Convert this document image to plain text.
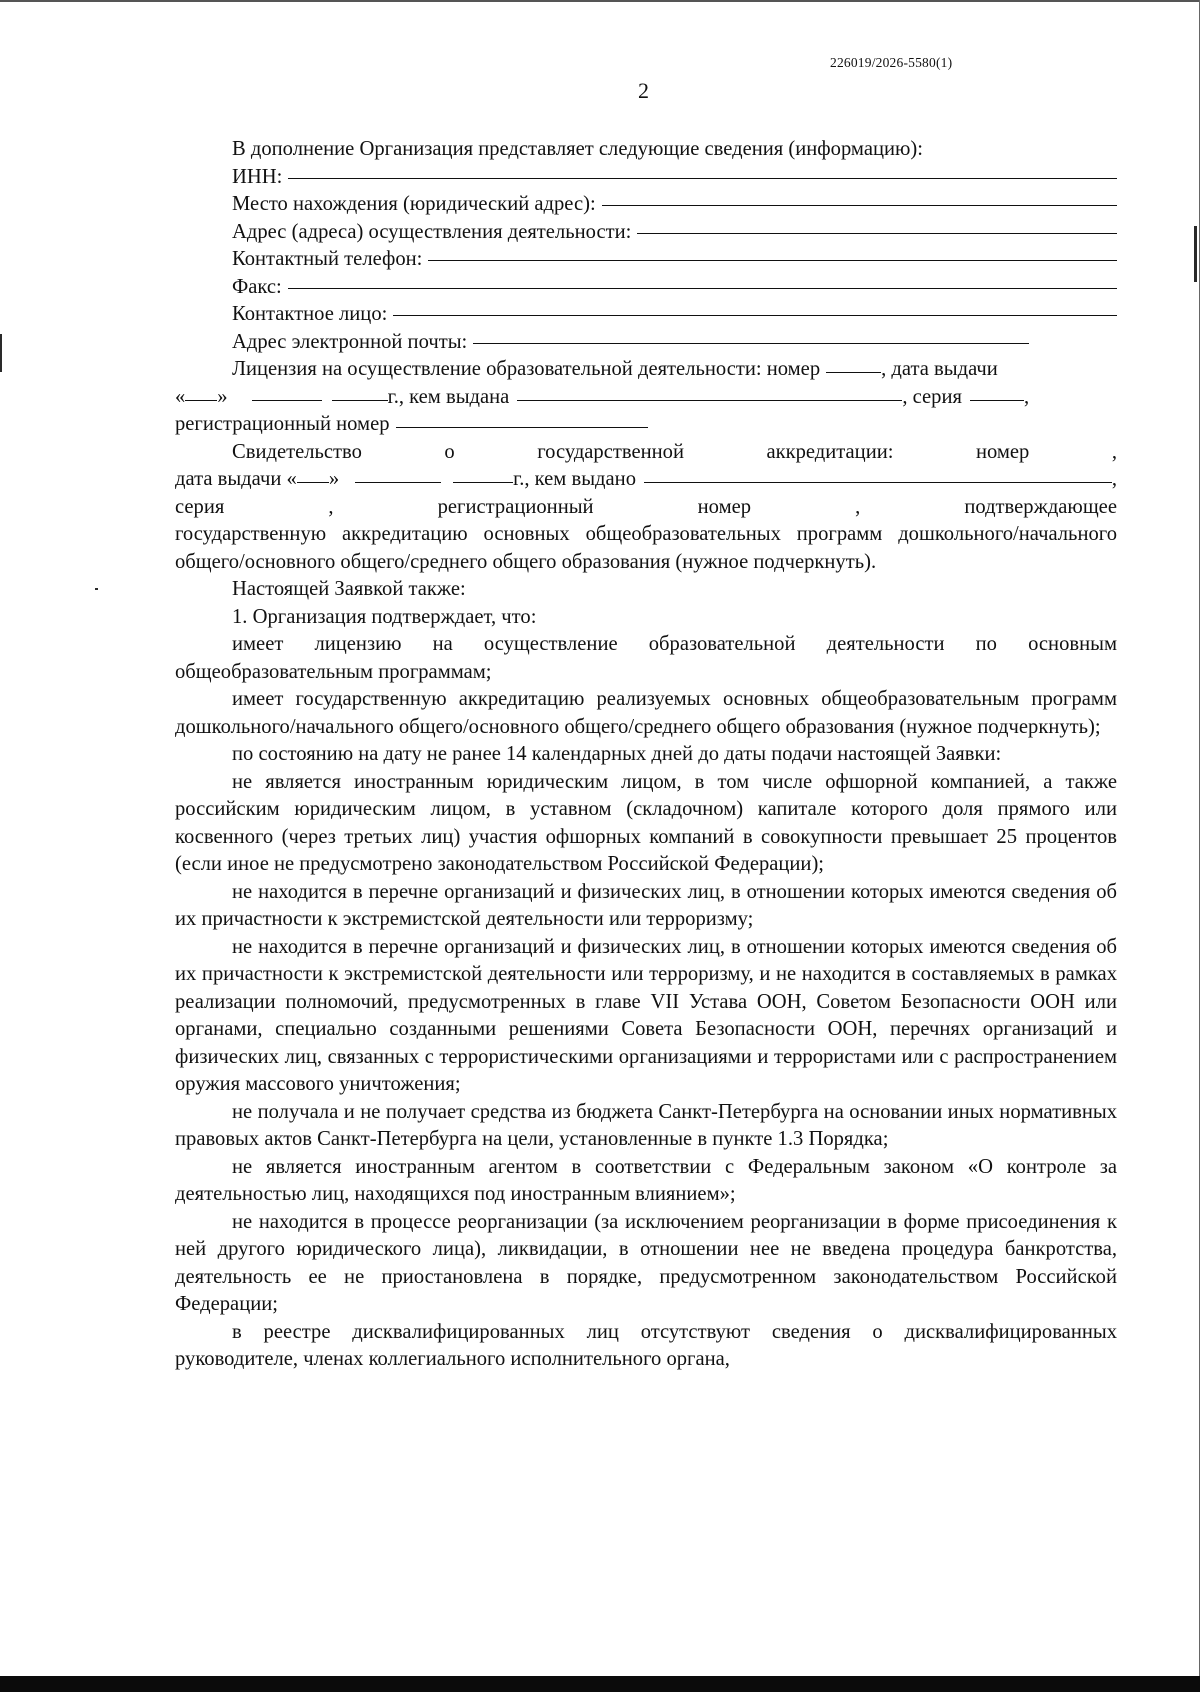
226019/2026-5580(1)
2

В дополнение Организация представляет следующие сведения (информацию):

ИНН:
Место нахождения (юридический адрес):
Адрес (адреса) осуществления деятельности:
Контактный телефон:
Факс:
Контактное лицо:
Адрес электронной почты:
Лицензия на осуществление образовательной деятельности: номер	, дата выдачи
« »	г., кем выдана	, серия	,
регистрационный номер
Свидетельство	о	государственной	аккредитации:	номер	,
дата выдачи « »	г., кем выдано	,
серия	,	регистрационный	номер	,	подтверждающее

государственную аккредитацию основных общеобразовательных программ дошкольного/начального общего/основного общего/среднего общего образования (нужное подчеркнуть).

Настоящей Заявкой также:

1. Организация подтверждает, что:

имеет лицензию на осуществление образовательной деятельности по основным общеобразовательным программам;

имеет государственную аккредитацию реализуемых основных общеобразовательным программ дошкольного/начального общего/основного общего/среднего общего образования (нужное подчеркнуть);

по состоянию на дату не ранее 14 календарных дней до даты подачи настоящей Заявки:

не является иностранным юридическим лицом, в том числе офшорной компанией, а также российским юридическим лицом, в уставном (складочном) капитале которого доля прямого или косвенного (через третьих лиц) участия офшорных компаний в совокупности превышает 25 процентов (если иное не предусмотрено законодательством Российской Федерации);

не находится в перечне организаций и физических лиц, в отношении которых имеются сведения об их причастности к экстремистской деятельности или терроризму;

не находится в перечне организаций и физических лиц, в отношении которых имеются сведения об их причастности к экстремистской деятельности или терроризму, и не находится в составляемых в рамках реализации полномочий, предусмотренных в главе VII Устава ООН, Советом Безопасности ООН или органами, специально созданными решениями Совета Безопасности ООН, перечнях организаций и физических лиц, связанных с террористическими организациями и террористами или с распространением оружия массового уничтожения;

не получала и не получает средства из бюджета Санкт-Петербурга на основании иных нормативных правовых актов Санкт-Петербурга на цели, установленные в пункте 1.3 Порядка;

не является иностранным агентом в соответствии с Федеральным законом «О контроле за деятельностью лиц, находящихся под иностранным влиянием»;

не находится в процессе реорганизации (за исключением реорганизации в форме присоединения к ней другого юридического лица), ликвидации, в отношении нее не введена процедура банкротства, деятельность ее не приостановлена в порядке, предусмотренном законодательством Российской Федерации;

в реестре дисквалифицированных лиц отсутствуют сведения о дисквалифицированных руководителе, членах коллегиального исполнительного органа,
